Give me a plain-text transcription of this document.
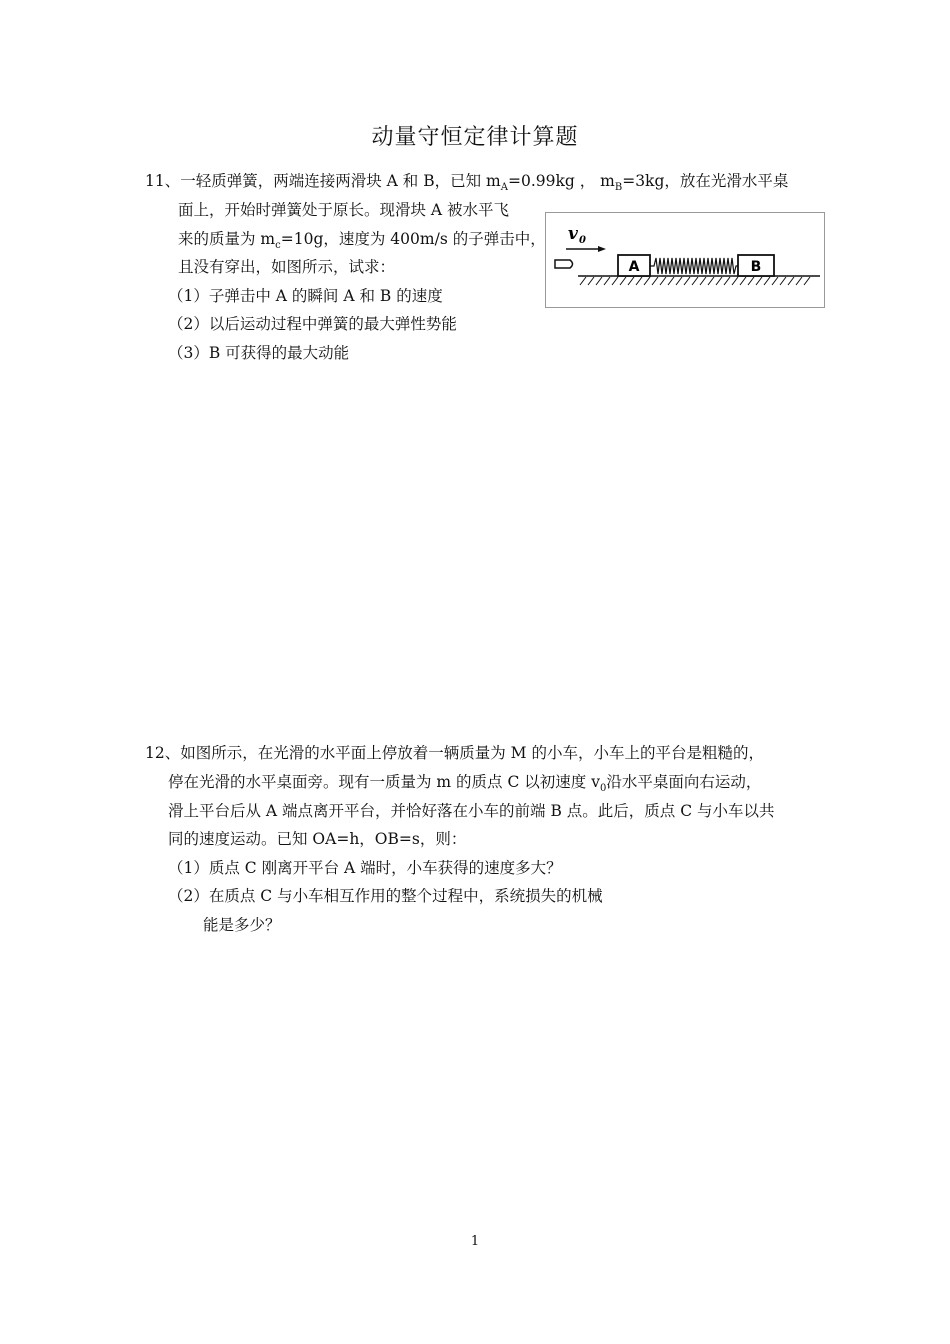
动量守恒定律计算题
11、一轻质弹簧，两端连接两滑块 A 和 B，已知 $m_A=0.99kg$ ， $m_B=3kg$，放在光滑水平桌
面上，开始时弹簧处于原长。现滑块 A 被水平飞
来的质量为 $m_c=10g$，速度为 400m/s 的子弹击中，
且没有穿出，如图所示，试求：
（1）子弹击中 A 的瞬间 A 和 B 的速度
（2）以后运动过程中弹簧的最大弹性势能
（3）B 可获得的最大动能
v 0
A	B
12、如图所示，在光滑的水平面上停放着一辆质量为 M 的小车，小车上的平台是粗糙的，
停在光滑的水平桌面旁。现有一质量为 m 的质点 C 以初速度 $v_0$沿水平桌面向右运动，
滑上平台后从 A 端点离开平台，并恰好落在小车的前端 B 点。此后，质点 C 与小车以共
同的速度运动。已知 OA=h，OB=s，则：
（1）质点 C 刚离开平台 A 端时，小车获得的速度多大？
（2）在质点 C 与小车相互作用的整个过程中，系统损失的机械
能是多少？
1
